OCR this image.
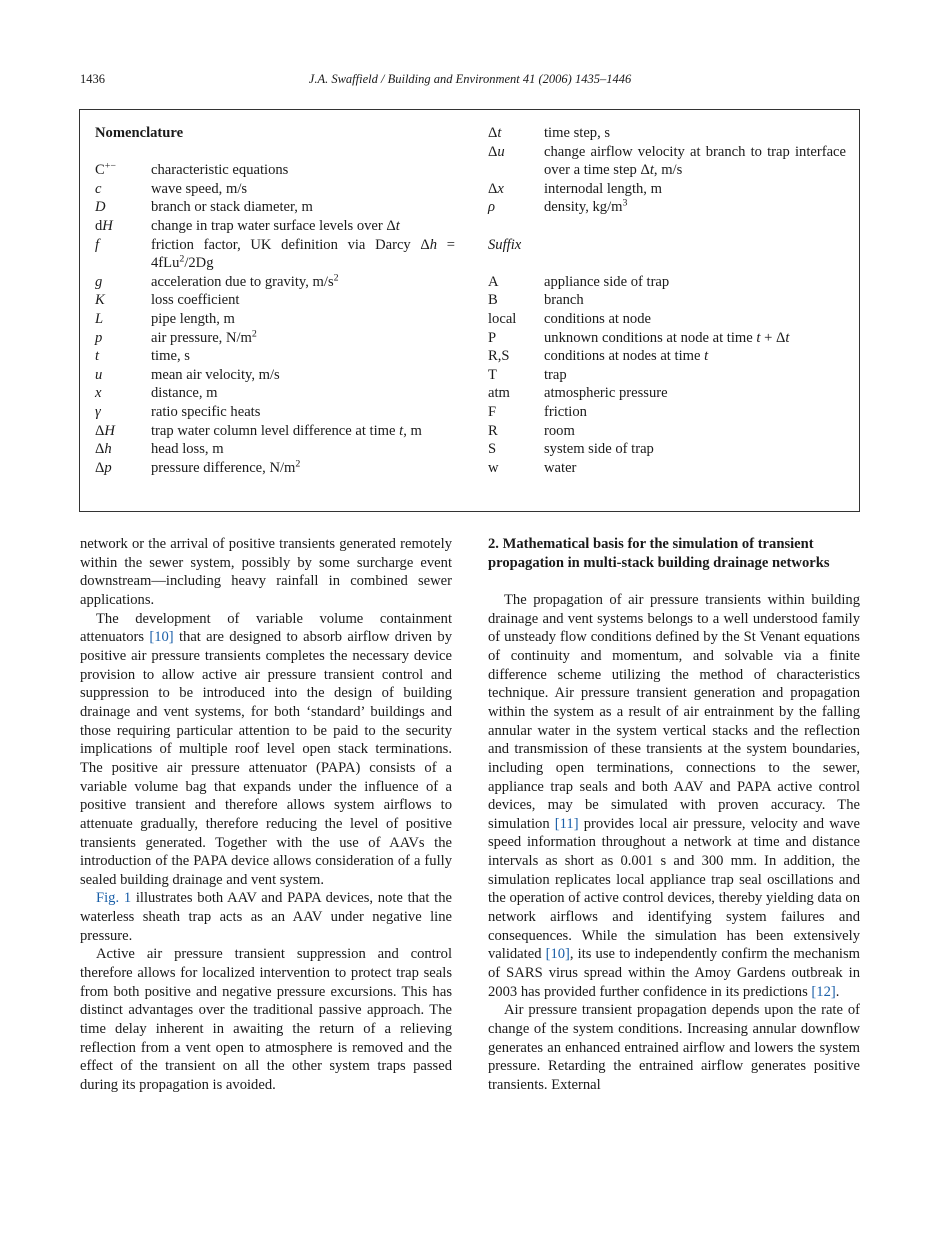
1436	J.A. Swaffield / Building and Environment 41 (2006) 1435–1446
Nomenclature
C+−	characteristic equations
c	wave speed, m/s
D	branch or stack diameter, m
dH	change in trap water surface levels over Δt
f	friction factor, UK definition via Darcy Δh = 4fLu$^2$/2Dg
g	acceleration due to gravity, $m/s^2$
K	loss coefficient
L	pipe length, m
p	air pressure, $N/m^2$
t	time, s
u	mean air velocity, m/s
x	distance, m
γ	ratio specific heats
ΔH	trap water column level difference at time t, m
Δh	head loss, m
Δp	pressure difference, $N/m^2$
Δt	time step, s
Δu	change airflow velocity at branch to trap interface over a time step Δt, m/s
Δx	internodal length, m
ρ	density, $kg/m^3$
Suffix
A	appliance side of trap
B	branch
local	conditions at node
P	unknown conditions at node at time t + Δt
R,S	conditions at nodes at time t
T	trap
atm	atmospheric pressure
F	friction
R	room
S	system side of trap
w	water

network or the arrival of positive transients generated remotely within the sewer system, possibly by some surcharge event downstream—including heavy rainfall in combined sewer applications.

The development of variable volume containment attenuators [10] that are designed to absorb airflow driven by positive air pressure transients completes the necessary device provision to allow active air pressure transient control and suppression to be introduced into the design of building drainage and vent systems, for both ‘standard’ buildings and those requiring particular attention to be paid to the security implications of multiple roof level open stack terminations. The positive air pressure attenuator (PAPA) consists of a variable volume bag that expands under the influence of a positive transient and therefore allows system airflows to attenuate gradually, therefore reducing the level of positive transients generated. Together with the use of AAVs the introduction of the PAPA device allows consideration of a fully sealed building drainage and vent system.

Fig. 1 illustrates both AAV and PAPA devices, note that the waterless sheath trap acts as an AAV under negative line pressure.

Active air pressure transient suppression and control therefore allows for localized intervention to protect trap seals from both positive and negative pressure excursions. This has distinct advantages over the traditional passive approach. The time delay inherent in awaiting the return of a relieving reflection from a vent open to atmosphere is removed and the effect of the transient on all the other system traps passed during its propagation is avoided.

2. Mathematical basis for the simulation of transient propagation in multi-stack building drainage networks

The propagation of air pressure transients within building drainage and vent systems belongs to a well understood family of unsteady flow conditions defined by the St Venant equations of continuity and momentum, and solvable via a finite difference scheme utilizing the method of characteristics technique. Air pressure transient generation and propagation within the system as a result of air entrainment by the falling annular water in the system vertical stacks and the reflection and transmission of these transients at the system boundaries, including open terminations, connections to the sewer, appliance trap seals and both AAV and PAPA active control devices, may be simulated with proven accuracy. The simulation [11] provides local air pressure, velocity and wave speed information throughout a network at time and distance intervals as short as 0.001 s and 300 mm. In addition, the simulation replicates local appliance trap seal oscillations and the operation of active control devices, thereby yielding data on network airflows and identifying system failures and consequences. While the simulation has been extensively validated [10], its use to independently confirm the mechanism of SARS virus spread within the Amoy Gardens outbreak in 2003 has provided further confidence in its predictions [12].

Air pressure transient propagation depends upon the rate of change of the system conditions. Increasing annular downflow generates an enhanced entrained airflow and lowers the system pressure. Retarding the entrained airflow generates positive transients. External
